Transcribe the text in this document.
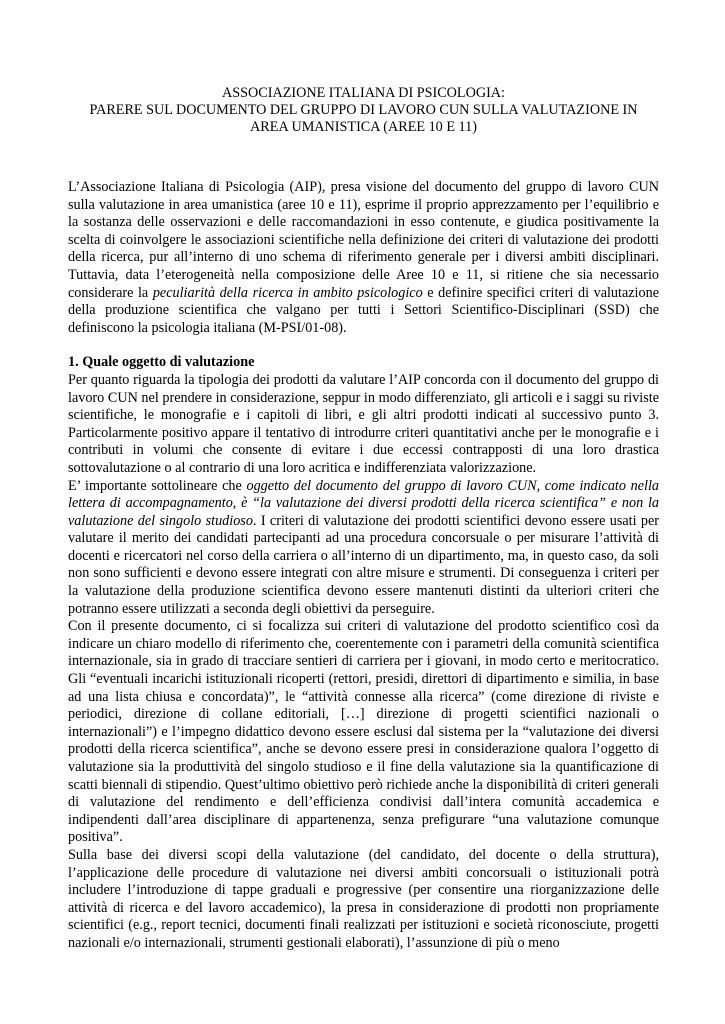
ASSOCIAZIONE ITALIANA DI PSICOLOGIA:
PARERE SUL DOCUMENTO DEL GRUPPO DI LAVORO CUN SULLA VALUTAZIONE IN
AREA UMANISTICA (AREE 10 E 11)

L’Associazione Italiana di Psicologia (AIP), presa visione del documento del gruppo di lavoro CUN sulla valutazione in area umanistica (aree 10 e 11), esprime il proprio apprezzamento per l’equilibrio e la sostanza delle osservazioni e delle raccomandazioni in esso contenute, e giudica positivamente la scelta di coinvolgere le associazioni scientifiche nella definizione dei criteri di valutazione dei prodotti della ricerca, pur all’interno di uno schema di riferimento generale per i diversi ambiti disciplinari. Tuttavia, data l’eterogeneità nella composizione delle Aree 10 e 11, si ritiene che sia necessario considerare la peculiarità della ricerca in ambito psicologico e definire specifici criteri di valutazione della produzione scientifica che valgano per tutti i Settori Scientifico-Disciplinari (SSD) che definiscono la psicologia italiana (M-PSI/01-08).

1. Quale oggetto di valutazione

Per quanto riguarda la tipologia dei prodotti da valutare l’AIP concorda con il documento del gruppo di lavoro CUN nel prendere in considerazione, seppur in modo differenziato, gli articoli e i saggi su riviste scientifiche, le monografie e i capitoli di libri, e gli altri prodotti indicati al successivo punto 3. Particolarmente positivo appare il tentativo di introdurre criteri quantitativi anche per le monografie e i contributi in volumi che consente di evitare i due eccessi contrapposti di una loro drastica sottovalutazione o al contrario di una loro acritica e indifferenziata valorizzazione.

E’ importante sottolineare che oggetto del documento del gruppo di lavoro CUN, come indicato nella lettera di accompagnamento, è “la valutazione dei diversi prodotti della ricerca scientifica” e non la valutazione del singolo studioso. I criteri di valutazione dei prodotti scientifici devono essere usati per valutare il merito dei candidati partecipanti ad una procedura concorsuale o per misurare l’attività di docenti e ricercatori nel corso della carriera o all’interno di un dipartimento, ma, in questo caso, da soli non sono sufficienti e devono essere integrati con altre misure e strumenti. Di conseguenza i criteri per la valutazione della produzione scientifica devono essere mantenuti distinti da ulteriori criteri che potranno essere utilizzati a seconda degli obiettivi da perseguire.

Con il presente documento, ci si focalizza sui criteri di valutazione del prodotto scientifico così da indicare un chiaro modello di riferimento che, coerentemente con i parametri della comunità scientifica internazionale, sia in grado di tracciare sentieri di carriera per i giovani, in modo certo e meritocratico. Gli “eventuali incarichi istituzionali ricoperti (rettori, presidi, direttori di dipartimento e similia, in base ad una lista chiusa e concordata)”, le “attività connesse alla ricerca” (come direzione di riviste e periodici, direzione di collane editoriali, […] direzione di progetti scientifici nazionali o internazionali”) e l’impegno didattico devono essere esclusi dal sistema per la “valutazione dei diversi prodotti della ricerca scientifica”, anche se devono essere presi in considerazione qualora l’oggetto di valutazione sia la produttività del singolo studioso e il fine della valutazione sia la quantificazione di scatti biennali di stipendio. Quest’ultimo obiettivo però richiede anche la disponibilità di criteri generali di valutazione del rendimento e dell’efficienza condivisi dall’intera comunità accademica e indipendenti dall’area disciplinare di appartenenza, senza prefigurare “una valutazione comunque positiva”.

Sulla base dei diversi scopi della valutazione (del candidato, del docente o della struttura), l’applicazione delle procedure di valutazione nei diversi ambiti concorsuali o istituzionali potrà includere l’introduzione di tappe graduali e progressive (per consentire una riorganizzazione delle attività di ricerca e del lavoro accademico), la presa in considerazione di prodotti non propriamente scientifici (e.g., report tecnici, documenti finali realizzati per istituzioni e società riconosciute, progetti nazionali e/o internazionali, strumenti gestionali elaborati), l’assunzione di più o meno
